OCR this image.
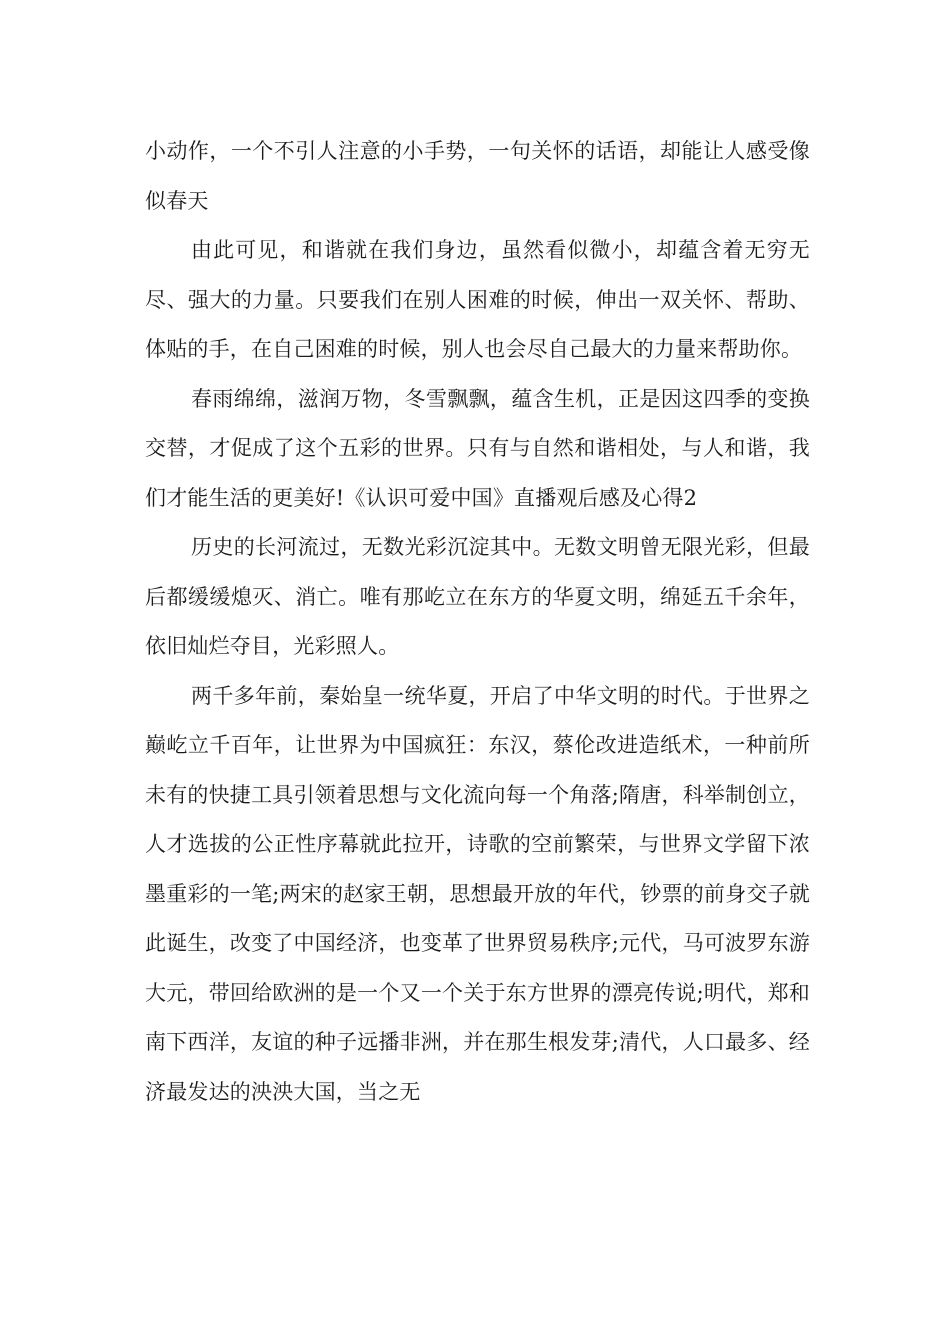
小动作，一个不引人注意的小手势，一句关怀的话语，却能让人感受像似春天

由此可见，和谐就在我们身边，虽然看似微小，却蕴含着无穷无尽、强大的力量。只要我们在别人困难的时候，伸出一双关怀、帮助、体贴的手，在自己困难的时候，别人也会尽自己最大的力量来帮助你。

春雨绵绵，滋润万物，冬雪飘飘，蕴含生机，正是因这四季的变换交替，才促成了这个五彩的世界。只有与自然和谐相处，与人和谐，我们才能生活的更美好!《认识可爱中国》直播观后感及心得2

历史的长河流过，无数光彩沉淀其中。无数文明曾无限光彩，但最后都缓缓熄灭、消亡。唯有那屹立在东方的华夏文明，绵延五千余年，依旧灿烂夺目，光彩照人。

两千多年前，秦始皇一统华夏，开启了中华文明的时代。于世界之巅屹立千百年，让世界为中国疯狂：东汉，蔡伦改进造纸术，一种前所未有的快捷工具引领着思想与文化流向每一个角落;隋唐，科举制创立，人才选拔的公正性序幕就此拉开，诗歌的空前繁荣，与世界文学留下浓墨重彩的一笔;两宋的赵家王朝，思想最开放的年代，钞票的前身交子就此诞生，改变了中国经济，也变革了世界贸易秩序;元代，马可波罗东游大元，带回给欧洲的是一个又一个关于东方世界的漂亮传说;明代，郑和南下西洋，友谊的种子远播非洲，并在那生根发芽;清代，人口最多、经济最发达的泱泱大国，当之无
